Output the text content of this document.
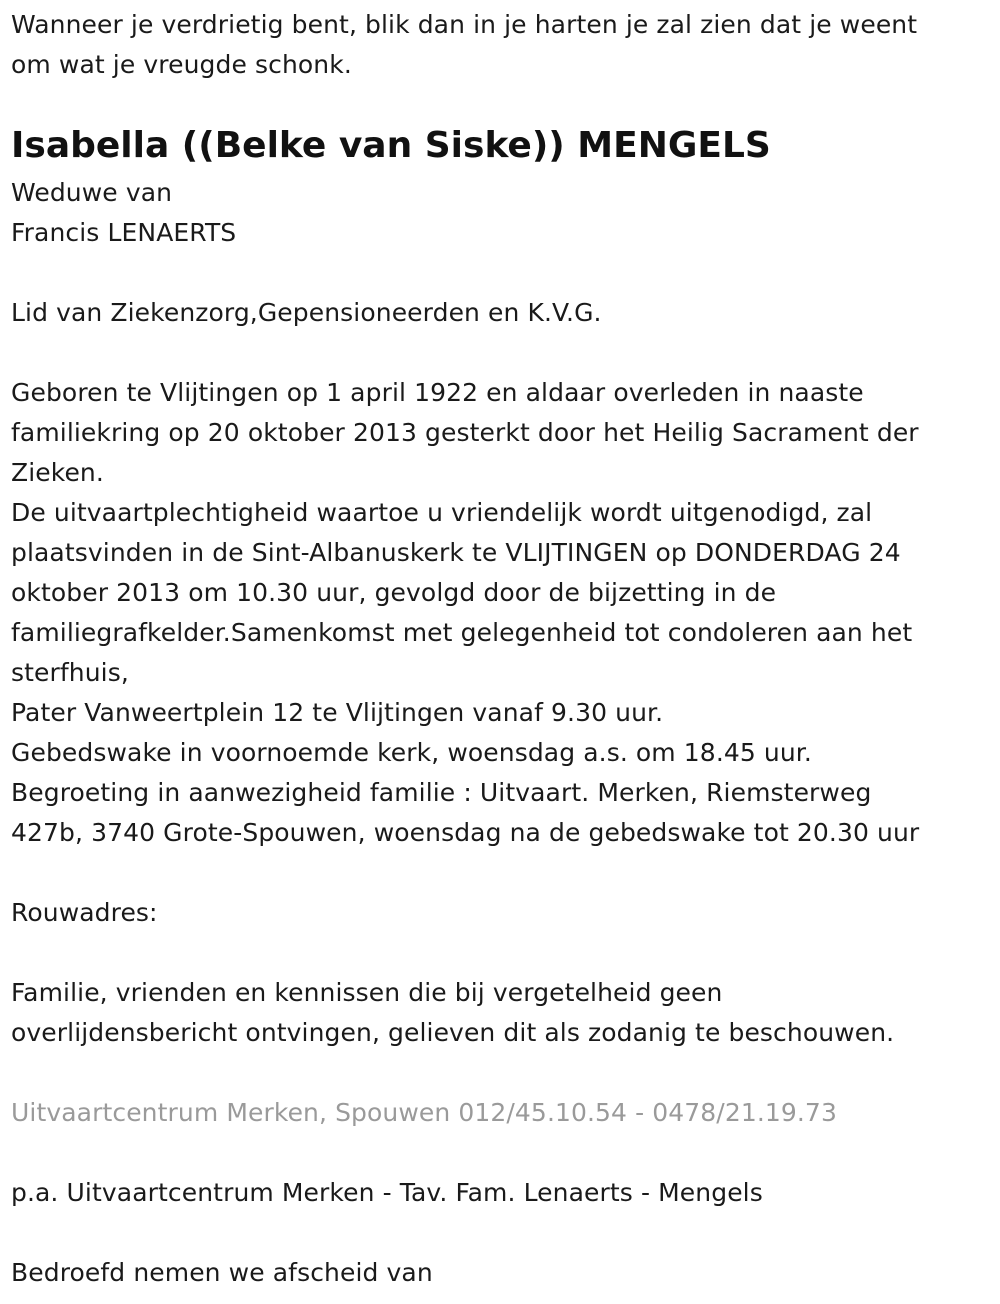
Wanneer je verdrietig bent, blik dan in je harten je zal zien dat je weent
om wat je vreugde schonk.
Isabella ((Belke van Siske)) MENGELS
Weduwe van
Francis LENAERTS
Lid van Ziekenzorg,Gepensioneerden en K.V.G.
Geboren te Vlijtingen op 1 april 1922 en aldaar overleden in naaste
familiekring op 20 oktober 2013 gesterkt door het Heilig Sacrament der
Zieken.
De uitvaartplechtigheid waartoe u vriendelijk wordt uitgenodigd, zal
plaatsvinden in de Sint-Albanuskerk te VLIJTINGEN op DONDERDAG 24
oktober 2013 om 10.30 uur, gevolgd door de bijzetting in de
familiegrafkelder.Samenkomst met gelegenheid tot condoleren aan het
sterfhuis,
Pater Vanweertplein 12 te Vlijtingen vanaf 9.30 uur.
Gebedswake in voornoemde kerk, woensdag a.s. om 18.45 uur.
Begroeting in aanwezigheid familie : Uitvaart. Merken, Riemsterweg
427b, 3740 Grote-Spouwen, woensdag na de gebedswake tot 20.30 uur
Rouwadres:
Familie, vrienden en kennissen die bij vergetelheid geen
overlijdensbericht ontvingen, gelieven dit als zodanig te beschouwen.
Uitvaartcentrum Merken, Spouwen 012/45.10.54 - 0478/21.19.73
p.a. Uitvaartcentrum Merken - Tav. Fam. Lenaerts - Mengels
Bedroefd nemen we afscheid van
